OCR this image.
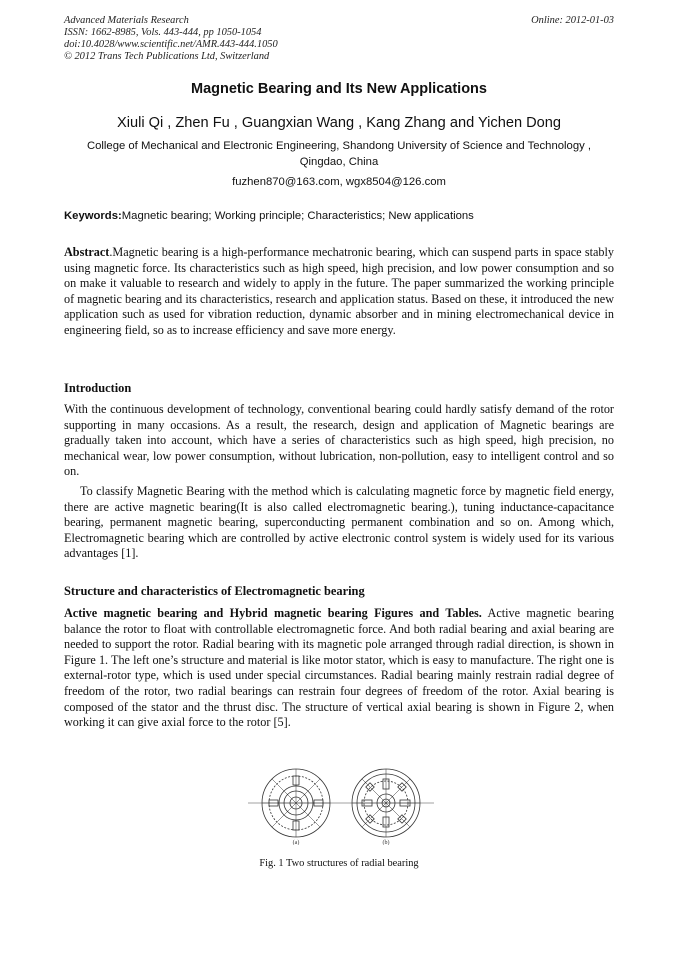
Advanced Materials Research
ISSN: 1662-8985, Vols. 443-444, pp 1050-1054
doi:10.4028/www.scientific.net/AMR.443-444.1050
© 2012 Trans Tech Publications Ltd, Switzerland
Online: 2012-01-03
Magnetic Bearing and Its New Applications
Xiuli Qi , Zhen Fu , Guangxian Wang , Kang Zhang and Yichen Dong
College of Mechanical and Electronic Engineering, Shandong University of Science and Technology , Qingdao, China
fuzhen870@163.com, wgx8504@126.com
Keywords:Magnetic bearing; Working principle; Characteristics; New applications
Abstract.Magnetic bearing is a high-performance mechatronic bearing, which can suspend parts in space stably using magnetic force. Its characteristics such as high speed, high precision, and low power consumption and so on make it valuable to research and widely to apply in the future. The paper summarized the working principle of magnetic bearing and its characteristics, research and application status. Based on these, it introduced the new application such as used for vibration reduction, dynamic absorber and in mining electromechanical device in engineering field, so as to increase efficiency and save more energy.
Introduction
With the continuous development of technology, conventional bearing could hardly satisfy demand of the rotor supporting in many occasions. As a result, the research, design and application of Magnetic bearings are gradually taken into account, which have a series of characteristics such as high speed, high precision, no mechanical wear, low power consumption, without lubrication, non-pollution, easy to intelligent control and so on.
To classify Magnetic Bearing with the method which is calculating magnetic force by magnetic field energy, there are active magnetic bearing(It is also called electromagnetic bearing.), tuning inductance-capacitance bearing, permanent magnetic bearing, superconducting permanent combination and so on. Among which, Electromagnetic bearing which are controlled by active electronic control system is widely used for its various advantages [1].
Structure and characteristics of Electromagnetic bearing
Active magnetic bearing and Hybrid magnetic bearing Figures and Tables. Active magnetic bearing balance the rotor to float with controllable electromagnetic force. And both radial bearing and axial bearing are needed to support the rotor. Radial bearing with its magnetic pole arranged through radial direction, is shown in Figure 1. The left one’s structure and material is like motor stator, which is easy to manufacture. The right one is external-rotor type, which is used under special circumstances. Radial bearing mainly restrain radial degree of freedom of the rotor, two radial bearings can restrain four degrees of freedom of the rotor. Axial bearing is composed of the stator and the thrust disc. The structure of vertical axial bearing is shown in Figure 2, when working it can give axial force to the rotor [5].
(a)	(b)
Fig. 1 Two structures of radial bearing
